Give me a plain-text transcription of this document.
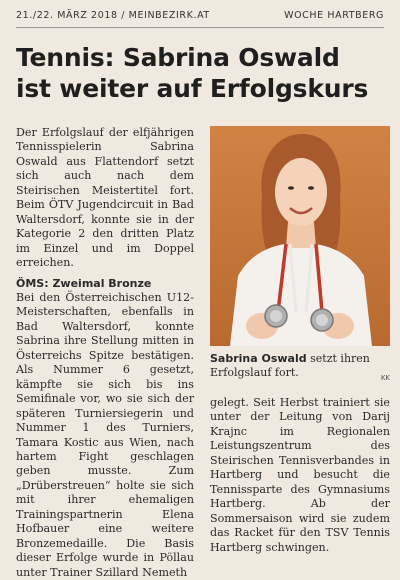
21./22. MÄRZ 2018 / MEINBEZIRK.AT	WOCHE HARTBERG
Tennis: Sabrina Oswald
ist weiter auf Erfolgskurs

Der Erfolgslauf der elfjährigen Tennisspielerin Sabrina Oswald aus Flattendorf setzt sich auch nach dem Steirischen Meistertitel fort. Beim ÖTV Jugendcircuit in Bad Waltersdorf, konnte sie in der Kategorie 2 den dritten Platz im Einzel und im Doppel erreichen.

ÖMS: Zweimal Bronze

Bei den Österreichischen U12-Meisterschaften, ebenfalls in Bad Waltersdorf, konnte Sabrina ihre Stellung mitten in Österreichs Spitze bestätigen. Als Nummer 6 gesetzt, kämpfte sie sich bis ins Semifinale vor, wo sie sich der späteren Turniersiegerin und Nummer 1 des Turniers, Tamara Kostic aus Wien, nach hartem Fight geschlagen geben musste. Zum „Drüberstreuen“ holte sie sich mit ihrer ehemaligen Trainingspartnerin Elena Hofbauer eine weitere Bronzemedaille. Die Basis dieser Erfolge wurde in Pöllau unter Trainer Szillard Nemeth

Sabrina Oswald setzt ihren Erfolgslauf fort.	KK

gelegt. Seit Herbst trainiert sie unter der Leitung von Darij Krajnc im Regionalen Leistungszentrum des Steirischen Tennisverbandes in Hartberg und besucht die Tennissparte des Gymnasiums Hartberg. Ab der Sommersaison wird sie zudem das Racket für den TSV Tennis Hartberg schwingen.
